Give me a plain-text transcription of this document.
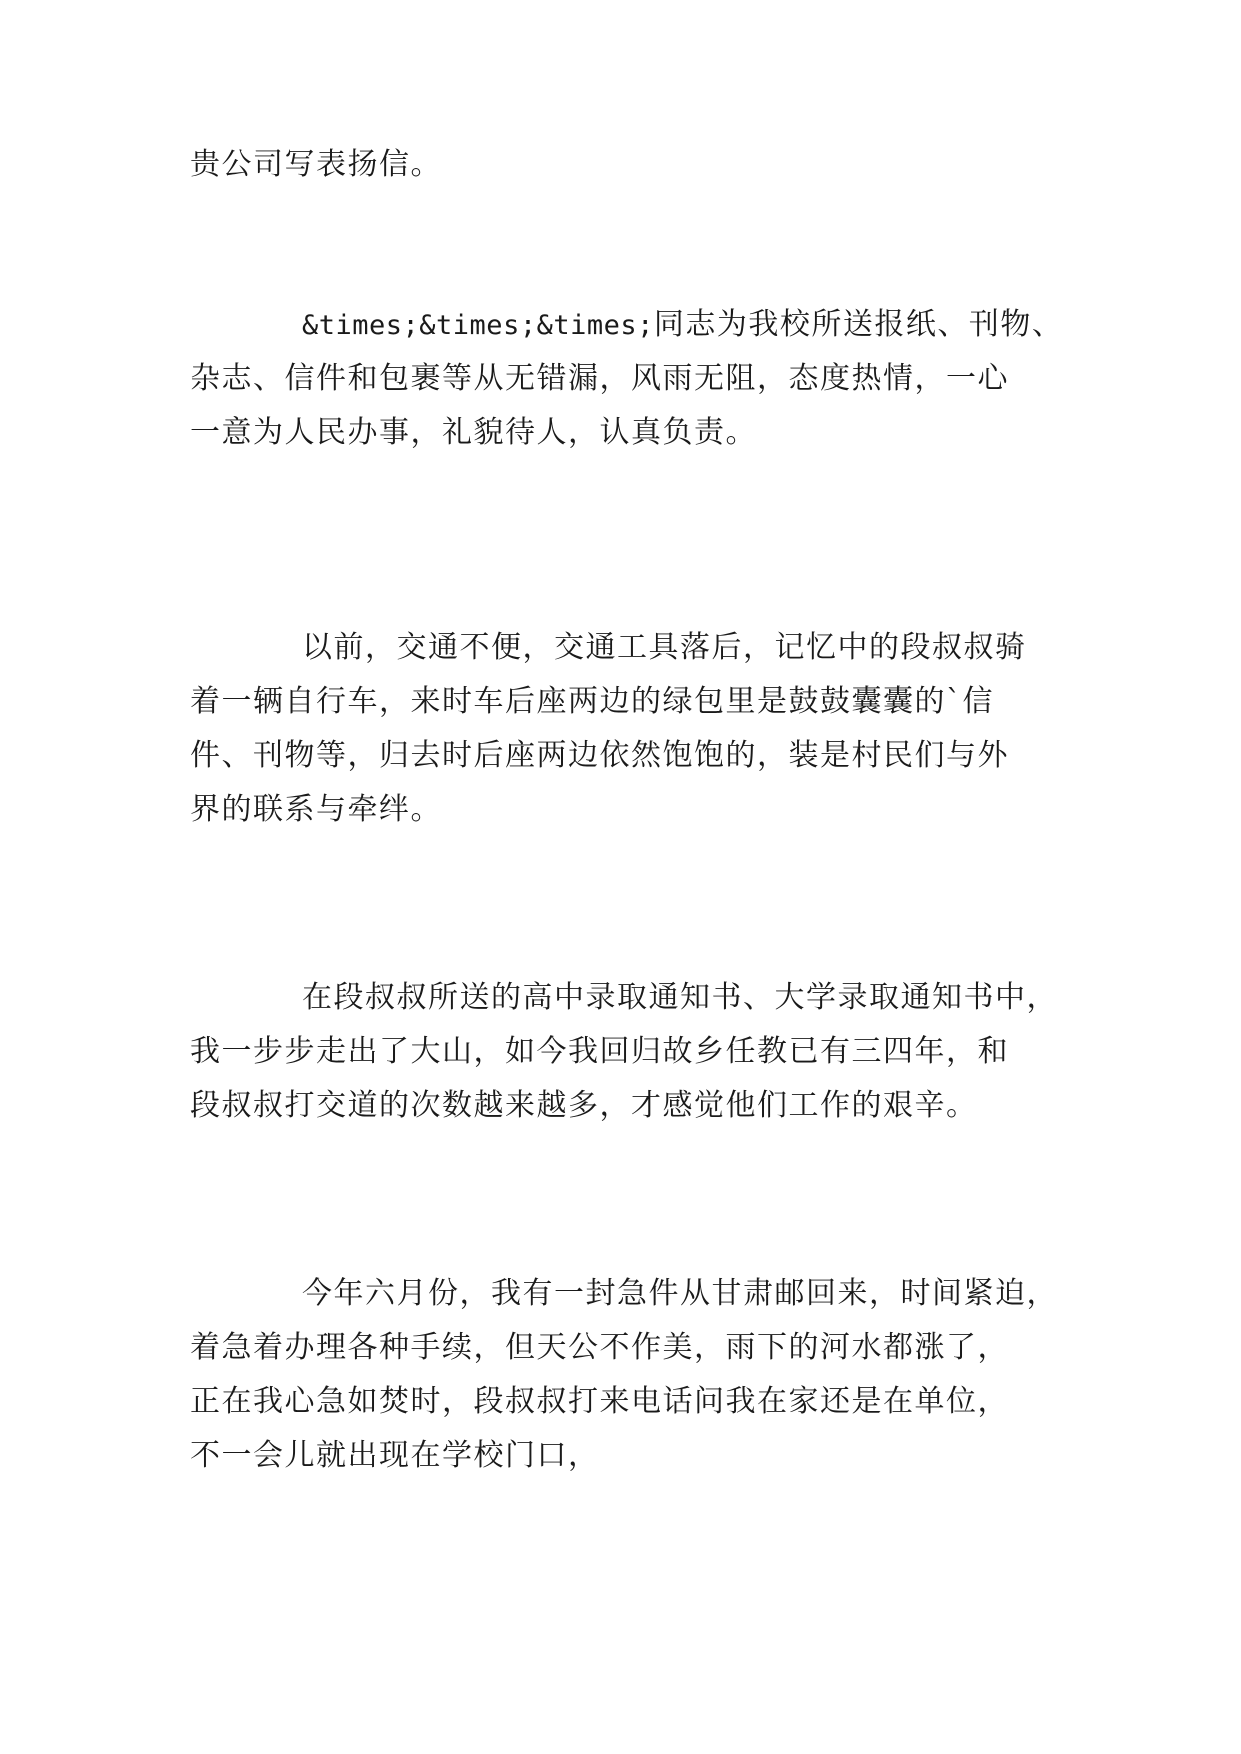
贵公司写表扬信。

&times;&times;&times;同志为我校所送报纸、刊物、
杂志、信件和包裹等从无错漏，风雨无阻，态度热情，一心
一意为人民办事，礼貌待人，认真负责。

以前，交通不便，交通工具落后，记忆中的段叔叔骑
着一辆自行车，来时车后座两边的绿包里是鼓鼓囊囊的`信
件、刊物等，归去时后座两边依然饱饱的，装是村民们与外
界的联系与牵绊。

在段叔叔所送的高中录取通知书、大学录取通知书中，
我一步步走出了大山，如今我回归故乡任教已有三四年，和
段叔叔打交道的次数越来越多，才感觉他们工作的艰辛。

今年六月份，我有一封急件从甘肃邮回来，时间紧迫，
着急着办理各种手续，但天公不作美，雨下的河水都涨了，
正在我心急如焚时，段叔叔打来电话问我在家还是在单位，
不一会儿就出现在学校门口，
